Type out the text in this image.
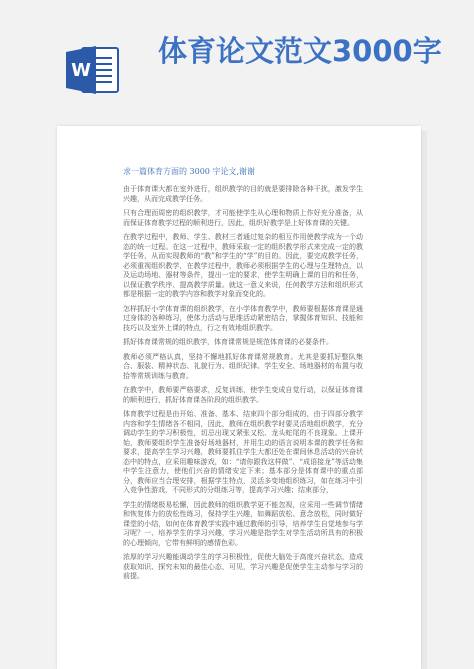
W
体育论文范文3000字
求一篇体育方面的 3000 字论文,谢谢

由于体育课大都在室外进行，组织教学的目的就是要排除各种干扰，激发学生兴趣，从而完成教学任务。

只有合理而周密的组织教学，才可能使学生从心理和物质上作好充分准备，从而保证体育教学过程的顺利进行，因此，组织好教学是上好体育课的关键。

在教学过程中，教师、学生、教材三者通过复杂的相互作用使教学成为一个动态的统一过程。在这一过程中，教师采取一定的组织教学形式来完成一定的教学任务，从而实现教师的“教”和学生的“学”的目的。因此，要完成教学任务，必须重视组织教学，在教学过程中，教师必须根据学生的心理与生理特点，以及运动场地、器材等条件，提出一定的要求，使学生明确上课的目的和任务，以保证教学秩序、提高教学质量。就这一意义来说，任何教学方法和组织形式都是根据一定的教学内容和教学对象而变化的。

怎样抓好小学体育课的组织教学，在小学体育教学中，教师要根据体育课是通过身体的各种练习，使体力活动与思维活动紧密结合，掌握体育知识、技能和技巧以及室外上课的特点，行之有效地组织教学。

抓好体育课常规的组织教学，体育课常规是规范体育课的必要条件。

教师必须严格认真，坚持不懈地抓好体育课常规教育。尤其是要抓好整队集合、服装、精神状态、礼貌行为、组织纪律、学生安全、场地器材的布置与收拾等常规训练与教育。

在教学中，教师要严格要求，反复训练，使学生变成自觉行动，以保证体育课的顺利进行，抓好体育课各阶段的组织教学。

体育教学过程是由开始、准备、基本、结束四个部分组成的，由于四部分教学内容和学生情绪各不相同，因此，教师在组织教学时要灵活地组织教学，充分调动学生的学习积极性，切忌出现又紧张又松、龙头蛇尾的不良现象。上课开始，教师要组织学生准备好场地器材，并用生动的语言说明本课的教学任务和要求，提高学生学习兴趣，教师要抓住学生大都还处在课间休息活动的兴奋状态中的特点，应采用趣味游戏，如：“请你跟我这样做”、“成语接龙”等活动集中学生注意力，使他们兴奋的情绪安定下来；基本部分是体育课中的重点部分，教师应当合理安排，根据学生特点，灵活多变地组织练习，如在练习中引入竞争性游戏，不同形式的分组练习等，提高学习兴趣；结束部分，

学生的情绪极易松懈，因此教师的组织教学更不能忽视，应采用一些调节情绪和恢复体力的放松性练习，保持学生兴趣，如舞蹈放松、意念放松，同时做好课堂的小结，如何在体育教学实践中通过教师的引导，培养学生自觉地参与学习呢？一、培养学生的学习兴趣，学习兴趣是指学生对学生活动所具有的积极的心理倾向，它带有鲜明的感情色彩。

浓厚的学习兴趣能调动学生的学习积极性，促使大脑处于高度兴奋状态，造成获取知识、探究未知的最佳心态，可见，学习兴趣是促使学生主动参与学习的前提。
